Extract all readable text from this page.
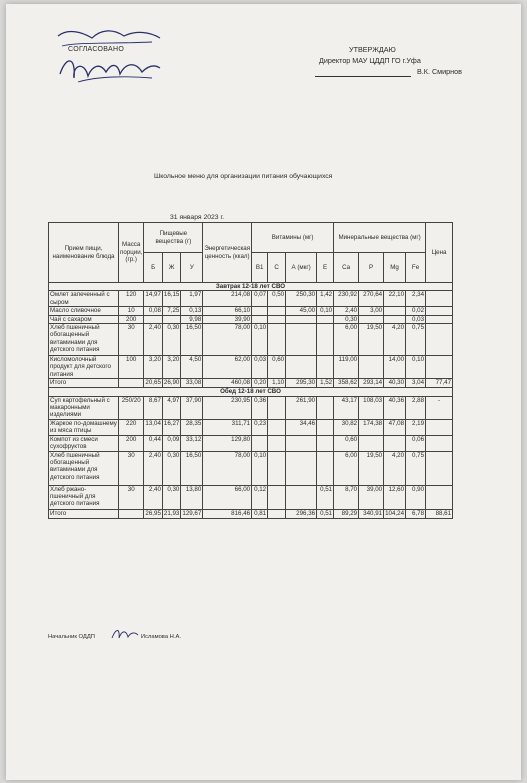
СОГЛАСОВАНО	УТВЕРЖДАЮ
Директор МАУ ЦДДП ГО г.Уфа
В.К. Смирнов
Школьное меню для организации питания обучающихся
31 января 2023 г.
Прием пищи, наименование блюда	Масса порции, (гр.)	Пищевые вещества (г)			Энергетическая ценность (ккал)	Витамины (мг)				Минеральные вещества (мг)				Цена
		Б	Ж	У		В1	С	А (мкг)	Е	Ca	P	Mg	Fe	
Завтрак 12-18 лет СВО														
Омлет запеченный с сыром	120	14,97	16,15	1,97	214,08	0,07	0,50	250,30	1,42	230,92	270,64	22,10	2,34	
Масло сливочное	10	0,08	7,25	0,13	66,10			45,00	0,10	2,40	3,00		0,02	
Чай с сахаром	200			9,98	39,90					0,30			0,03	
Хлеб пшеничный обогащенный витаминами для детского питания	30	2,40	0,30	16,50	78,00	0,10				6,00	19,50	4,20	0,75	
Кисломолочный продукт для детского питания	100	3,20	3,20	4,50	62,00	0,03	0,60			119,00		14,00	0,10	
Итого		20,65	26,90	33,08	460,08	0,20	1,10	295,30	1,52	358,62	293,14	40,30	3,04	77,47
Обед 12-18 лет СВО														
Суп картофельный с макаронными изделиями	250/20	8,67	4,97	37,90	230,95	0,36		261,90		43,17	108,03	40,36	2,88	-
Жаркое по-домашнему из мяса птицы	220	13,04	16,27	28,35	311,71	0,23		34,46		30,82	174,38	47,08	2,19	
Компот из смеси сухофруктов	200	0,44	0,09	33,12	129,80					0,60			0,06	
Хлеб пшеничный обогащенный витаминами для детского питания	30	2,40	0,30	16,50	78,00	0,10				6,00	19,50	4,20	0,75	
Хлеб ржано-пшеничный для детского питания	30	2,40	0,30	13,80	66,00	0,12			0,51	8,70	39,00	12,60	0,90	
Итого		26,95	21,93	129,67	816,46	0,81		296,36	0,51	89,29	340,91	104,24	6,78	88,61
Начальник ОДДП	Исламова Н.А.
